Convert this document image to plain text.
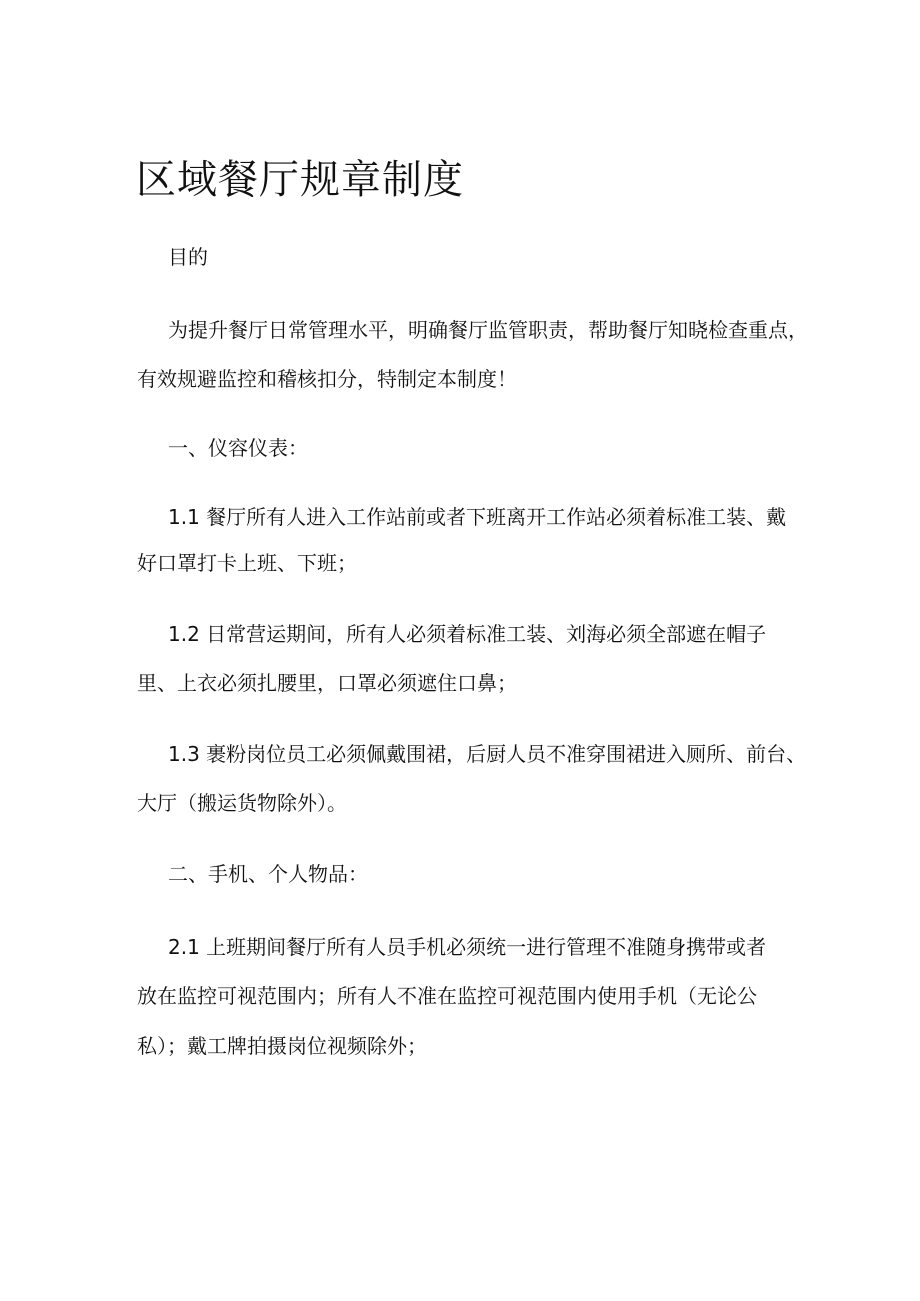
区域餐厅规章制度

目的

为提升餐厅日常管理水平，明确餐厅监管职责，帮助餐厅知晓检查重点，

有效规避监控和稽核扣分，特制定本制度！

一、仪容仪表：

1.1 餐厅所有人进入工作站前或者下班离开工作站必须着标准工装、戴

好口罩打卡上班、下班；

1.2 日常营运期间，所有人必须着标准工装、刘海必须全部遮在帽子

里、上衣必须扎腰里，口罩必须遮住口鼻；

1.3 裹粉岗位员工必须佩戴围裙，后厨人员不准穿围裙进入厕所、前台、

大厅（搬运货物除外）。

二、手机、个人物品：

2.1 上班期间餐厅所有人员手机必须统一进行管理不准随身携带或者

放在监控可视范围内；所有人不准在监控可视范围内使用手机（无论公

私）；戴工牌拍摄岗位视频除外；
